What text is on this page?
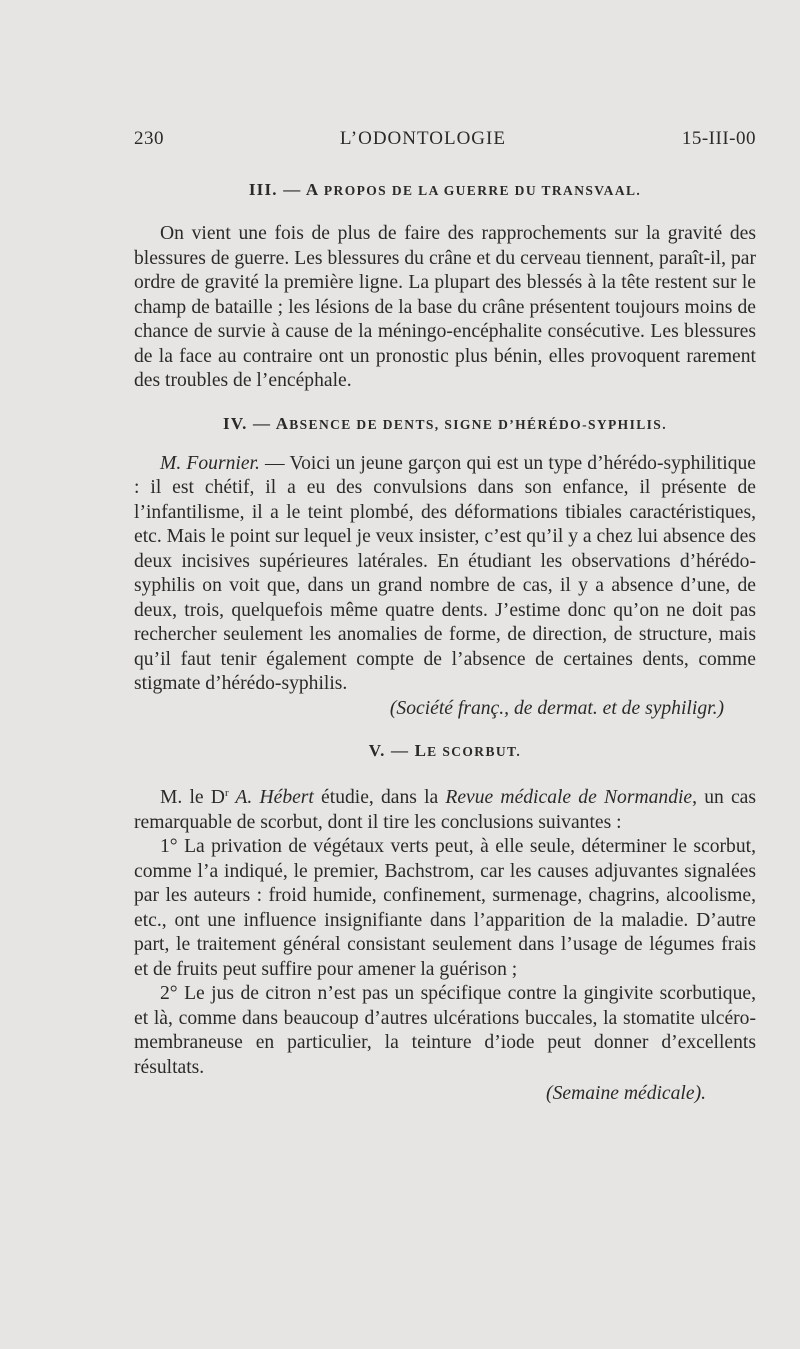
230	L’ODONTOLOGIE	15-III-00
III. — A PROPOS DE LA GUERRE DU TRANSVAAL.

On vient une fois de plus de faire des rapprochements sur la gravité des blessures de guerre. Les blessures du crâne et du cerveau tiennent, paraît-il, par ordre de gravité la première ligne. La plupart des blessés à la tête restent sur le champ de bataille ; les lésions de la base du crâne présentent toujours moins de chance de survie à cause de la méningo-encéphalite consécutive. Les blessures de la face au contraire ont un pronostic plus bénin, elles provoquent rarement des troubles de l’encéphale.

IV. — ABSENCE DE DENTS, SIGNE D’HÉRÉDO-SYPHILIS.

M. Fournier. — Voici un jeune garçon qui est un type d’hérédo-syphilitique : il est chétif, il a eu des convulsions dans son enfance, il présente de l’infantilisme, il a le teint plombé, des déformations tibiales caractéristiques, etc. Mais le point sur lequel je veux insister, c’est qu’il y a chez lui absence des deux incisives supérieures latérales. En étudiant les observations d’hérédo-syphilis on voit que, dans un grand nombre de cas, il y a absence d’une, de deux, trois, quelquefois même quatre dents. J’estime donc qu’on ne doit pas rechercher seulement les anomalies de forme, de direction, de structure, mais qu’il faut tenir également compte de l’absence de certaines dents, comme stigmate d’hérédo-syphilis.

(Société franç., de dermat. et de syphiligr.)

V. — LE SCORBUT.

M. le $D^r$ A. Hébert étudie, dans la Revue médicale de Normandie, un cas remarquable de scorbut, dont il tire les conclusions suivantes :

1° La privation de végétaux verts peut, à elle seule, déterminer le scorbut, comme l’a indiqué, le premier, Bachstrom, car les causes adjuvantes signalées par les auteurs : froid humide, confinement, surmenage, chagrins, alcoolisme, etc., ont une influence insignifiante dans l’apparition de la maladie. D’autre part, le traitement général consistant seulement dans l’usage de légumes frais et de fruits peut suffire pour amener la guérison ;

2° Le jus de citron n’est pas un spécifique contre la gingivite scorbutique, et là, comme dans beaucoup d’autres ulcérations buccales, la stomatite ulcéro-membraneuse en particulier, la teinture d’iode peut donner d’excellents résultats.

(Semaine médicale).
